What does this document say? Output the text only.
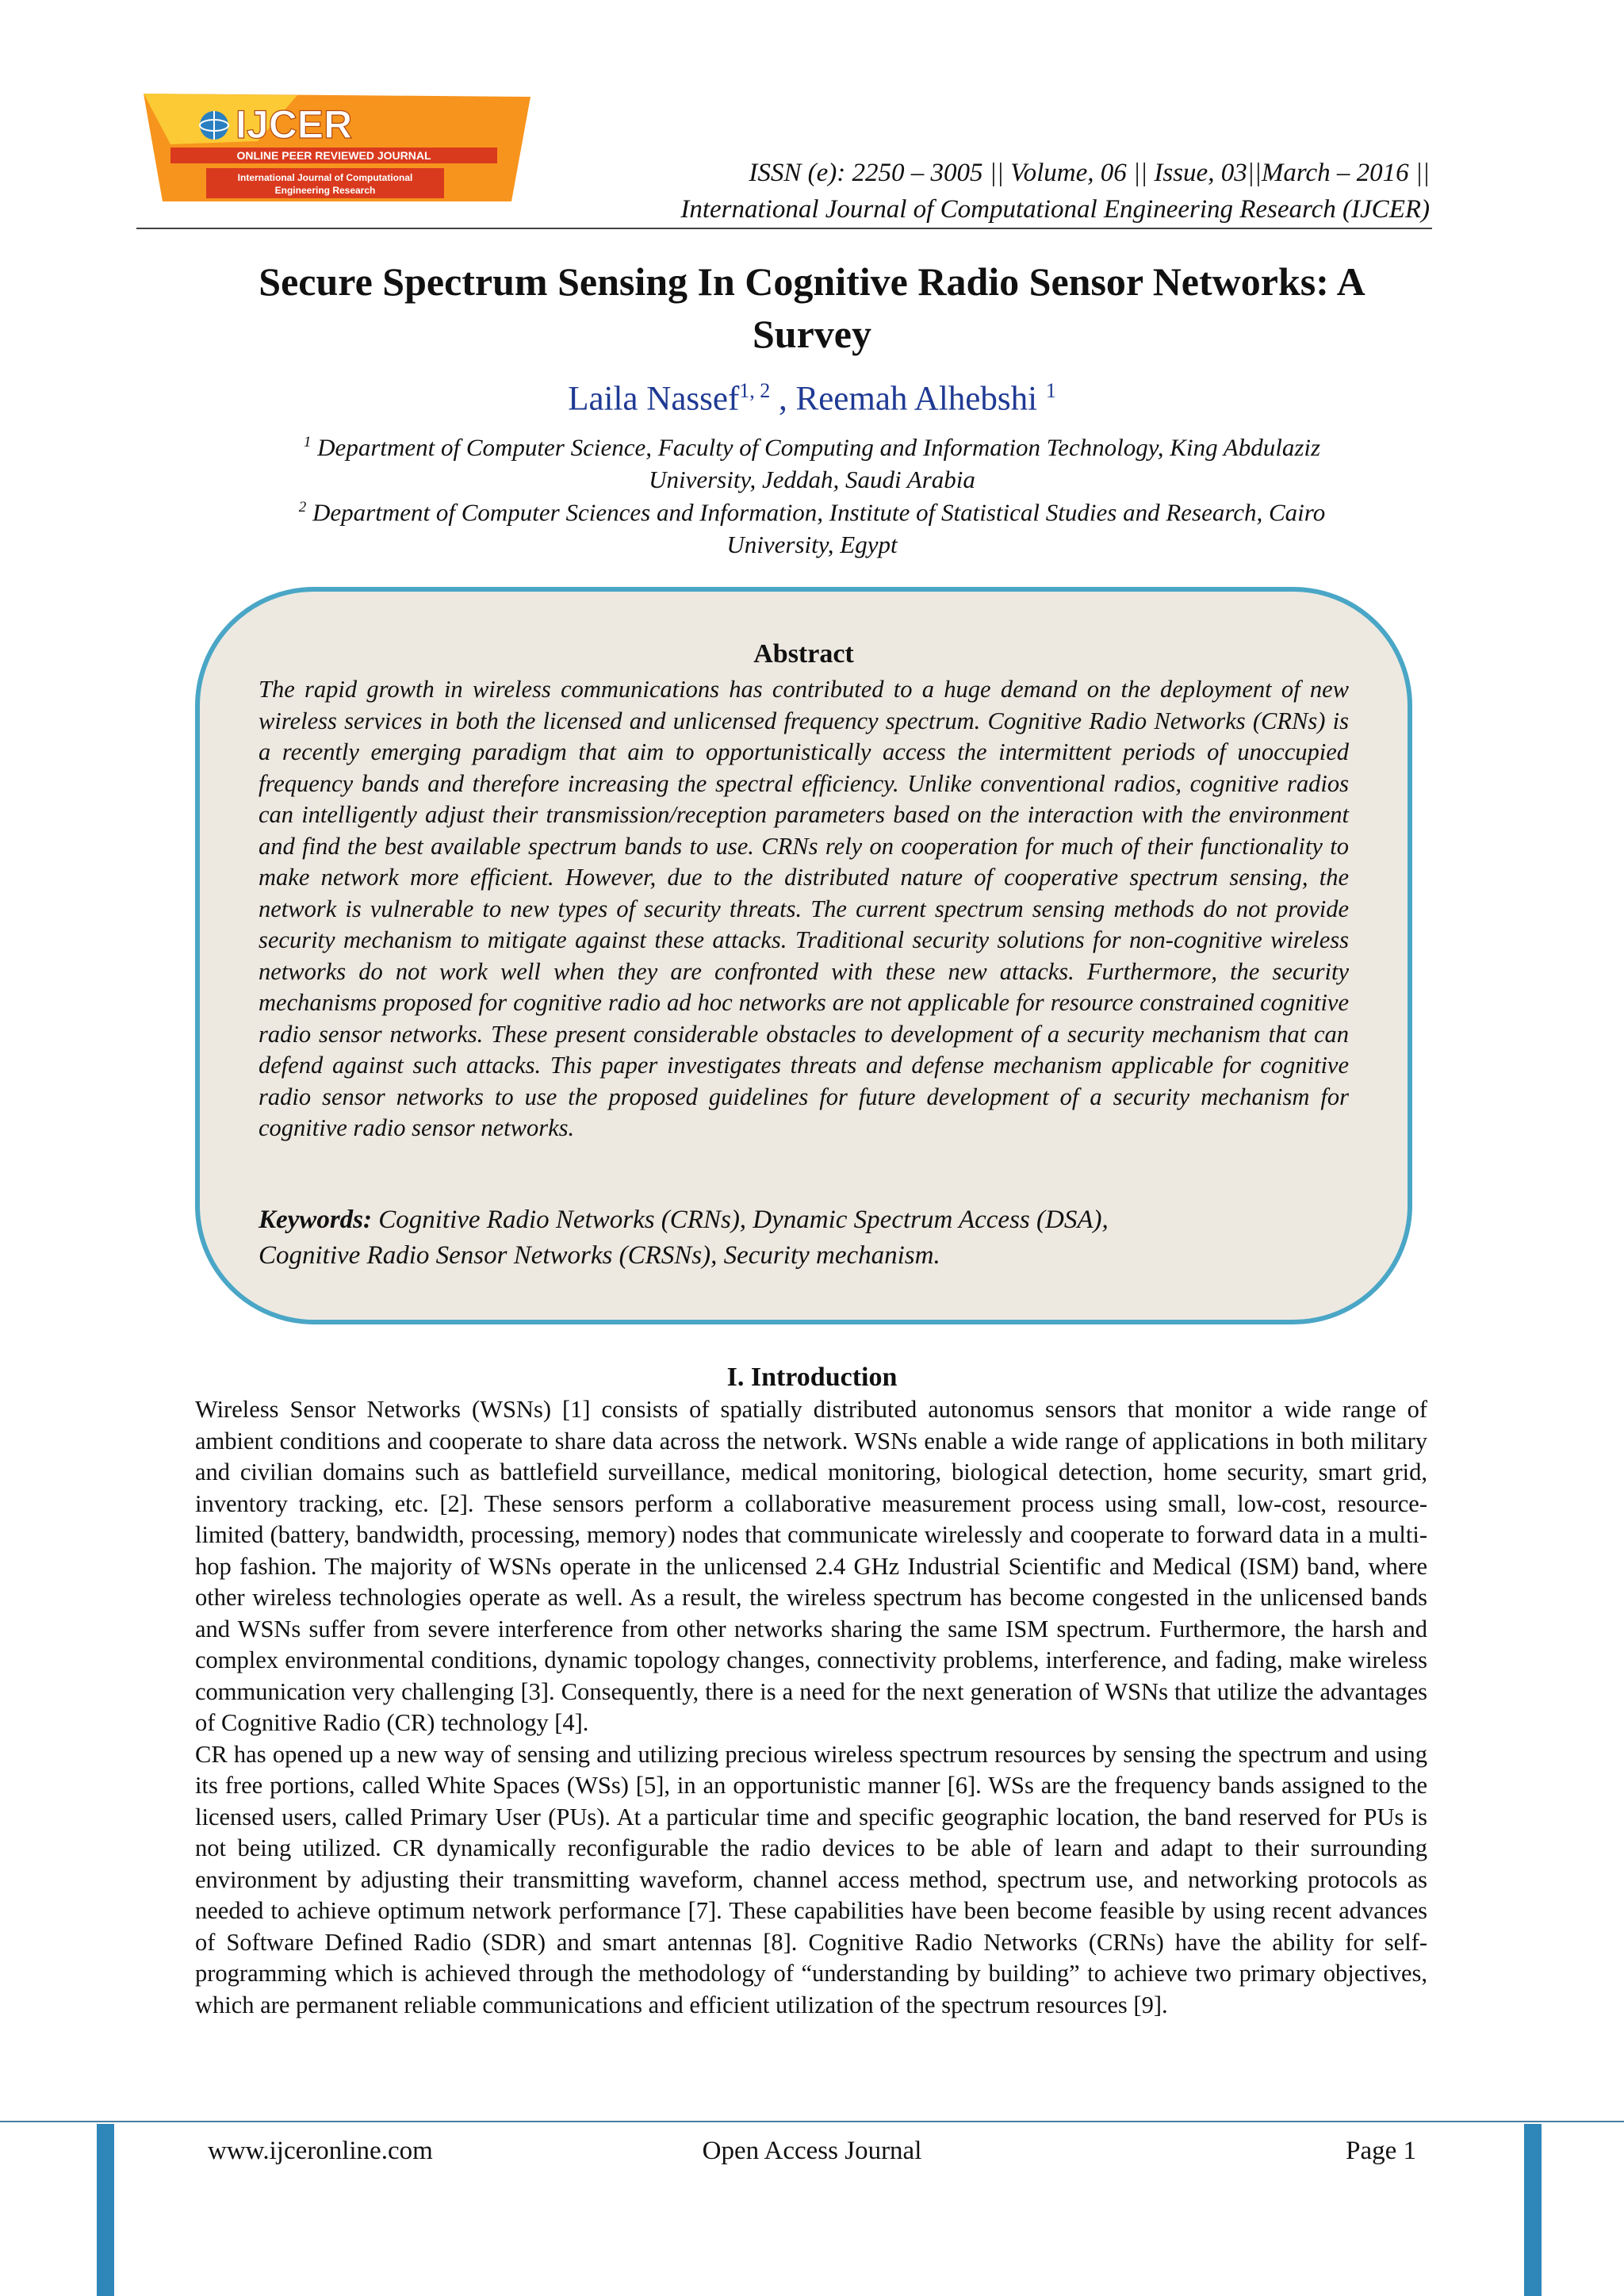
IJCER
ONLINE PEER REVIEWED JOURNAL
International Journal of Computational
Engineering Research
ISSN (e): 2250 – 3005 || Volume, 06 || Issue, 03||March – 2016 ||
International Journal of Computational Engineering Research (IJCER)
Secure Spectrum Sensing In Cognitive Radio Sensor Networks: A
Survey
Laila Nassef$^{1, 2}$ , Reemah Alhebshi $^1$
$^1$ Department of Computer Science, Faculty of Computing and Information Technology, King Abdulaziz
University, Jeddah, Saudi Arabia
$^2$ Department of Computer Sciences and Information, Institute of Statistical Studies and Research, Cairo
University, Egypt
Abstract
The rapid growth in wireless communications has contributed to a huge demand on the deployment of new wireless services in both the licensed and unlicensed frequency spectrum. Cognitive Radio Networks (CRNs) is a recently emerging paradigm that aim to opportunistically access the intermittent periods of unoccupied frequency bands and therefore increasing the spectral efficiency. Unlike conventional radios, cognitive radios can intelligently adjust their transmission/reception parameters based on the interaction with the environment and find the best available spectrum bands to use. CRNs rely on cooperation for much of their functionality to make network more efficient. However, due to the distributed nature of cooperative spectrum sensing, the network is vulnerable to new types of security threats. The current spectrum sensing methods do not provide security mechanism to mitigate against these attacks. Traditional security solutions for non-cognitive wireless networks do not work well when they are confronted with these new attacks. Furthermore, the security mechanisms proposed for cognitive radio ad hoc networks are not applicable for resource constrained cognitive radio sensor networks. These present considerable obstacles to development of a security mechanism that can defend against such attacks. This paper investigates threats and defense mechanism applicable for cognitive radio sensor networks to use the proposed guidelines for future development of a security mechanism for cognitive radio sensor networks.
Keywords: Cognitive Radio Networks (CRNs), Dynamic Spectrum Access (DSA),
Cognitive Radio Sensor Networks (CRSNs), Security mechanism.
I. Introduction

Wireless Sensor Networks (WSNs) [1] consists of spatially distributed autonomus sensors that monitor a wide range of ambient conditions and cooperate to share data across the network. WSNs enable a wide range of applications in both military and civilian domains such as battlefield surveillance, medical monitoring, biological detection, home security, smart grid, inventory tracking, etc. [2]. These sensors perform a collaborative measurement process using small, low-cost, resource-limited (battery, bandwidth, processing, memory) nodes that communicate wirelessly and cooperate to forward data in a multi-hop fashion. The majority of WSNs operate in the unlicensed 2.4 GHz Industrial Scientific and Medical (ISM) band, where other wireless technologies operate as well. As a result, the wireless spectrum has become congested in the unlicensed bands and WSNs suffer from severe interference from other networks sharing the same ISM spectrum. Furthermore, the harsh and complex environmental conditions, dynamic topology changes, connectivity problems, interference, and fading, make wireless communication very challenging [3]. Consequently, there is a need for the next generation of WSNs that utilize the advantages of Cognitive Radio (CR) technology [4].

CR has opened up a new way of sensing and utilizing precious wireless spectrum resources by sensing the spectrum and using its free portions, called White Spaces (WSs) [5], in an opportunistic manner [6]. WSs are the frequency bands assigned to the licensed users, called Primary User (PUs). At a particular time and specific geographic location, the band reserved for PUs is not being utilized. CR dynamically reconfigurable the radio devices to be able of learn and adapt to their surrounding environment by adjusting their transmitting waveform, channel access method, spectrum use, and networking protocols as needed to achieve optimum network performance [7]. These capabilities have been become feasible by using recent advances of Software Defined Radio (SDR) and smart antennas [8]. Cognitive Radio Networks (CRNs) have the ability for self-programming which is achieved through the methodology of “understanding by building” to achieve two primary objectives, which are permanent reliable communications and efficient utilization of the spectrum resources [9].

www.ijceronline.com	Open Access Journal	Page 1
